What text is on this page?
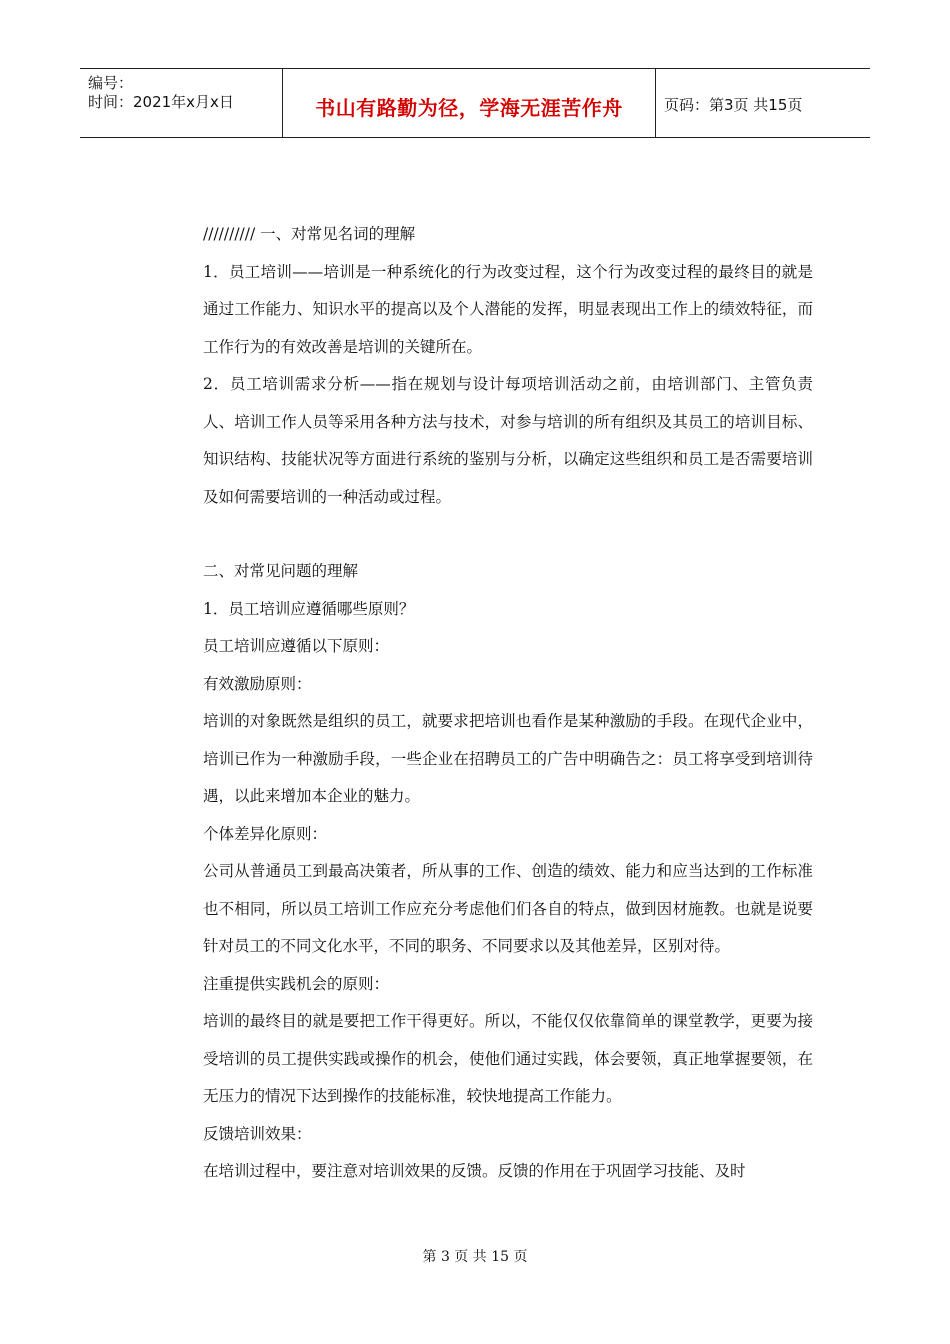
编号：
时间：2021年x月x日	书山有路勤为径，学海无涯苦作舟	页码：第3页 共15页

////////// 一、对常见名词的理解

1．员工培训——培训是一种系统化的行为改变过程，这个行为改变过程的最终目的就是通过工作能力、知识水平的提高以及个人潜能的发挥，明显表现出工作上的绩效特征，而工作行为的有效改善是培训的关键所在。

2．员工培训需求分析——指在规划与设计每项培训活动之前，由培训部门、主管负责人、培训工作人员等采用各种方法与技术，对参与培训的所有组织及其员工的培训目标、知识结构、技能状况等方面进行系统的鉴别与分析，以确定这些组织和员工是否需要培训及如何需要培训的一种活动或过程。

二、对常见问题的理解

1．员工培训应遵循哪些原则？

员工培训应遵循以下原则：

有效激励原则：

培训的对象既然是组织的员工，就要求把培训也看作是某种激励的手段。在现代企业中，培训已作为一种激励手段，一些企业在招聘员工的广告中明确告之：员工将享受到培训待遇，以此来增加本企业的魅力。

个体差异化原则：

公司从普通员工到最高决策者，所从事的工作、创造的绩效、能力和应当达到的工作标准也不相同，所以员工培训工作应充分考虑他们们各自的特点，做到因材施教。也就是说要针对员工的不同文化水平，不同的职务、不同要求以及其他差异，区别对待。

注重提供实践机会的原则：

培训的最终目的就是要把工作干得更好。所以，不能仅仅依靠简单的课堂教学，更要为接受培训的员工提供实践或操作的机会，使他们通过实践，体会要领，真正地掌握要领，在无压力的情况下达到操作的技能标准，较快地提高工作能力。

反馈培训效果：

在培训过程中，要注意对培训效果的反馈。反馈的作用在于巩固学习技能、及时

第 3 页 共 15 页
